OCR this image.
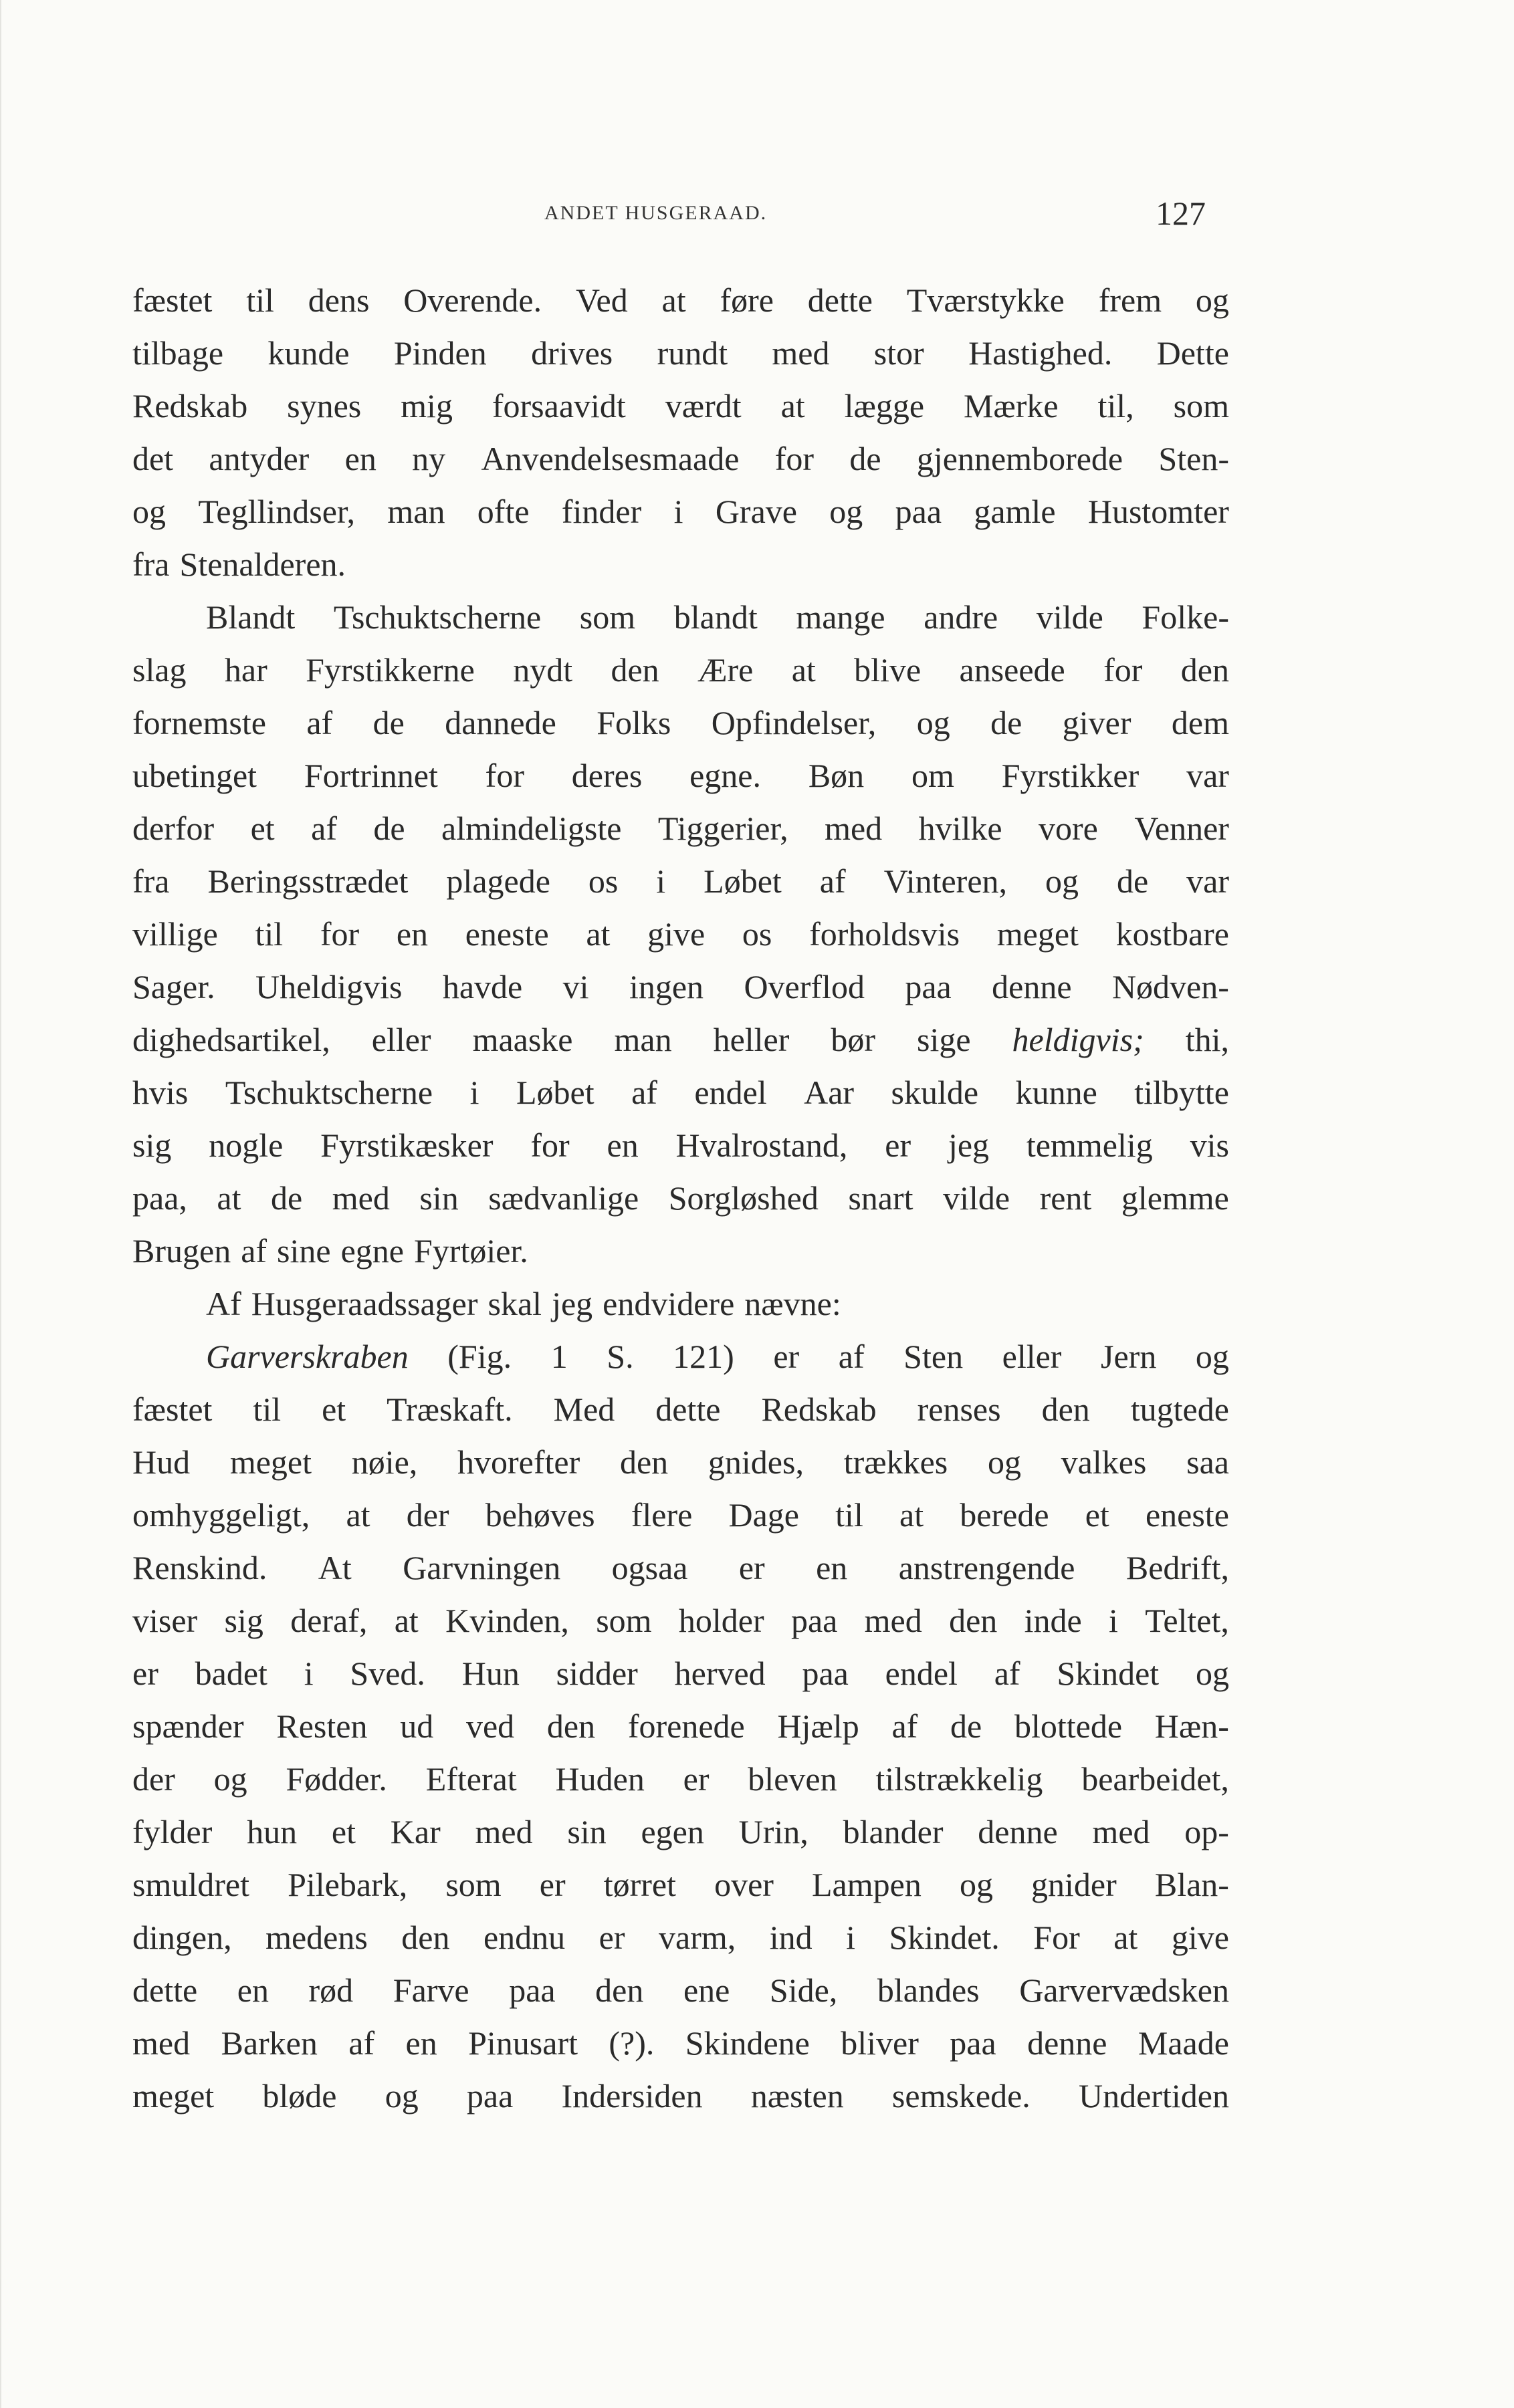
ANDET HUSGERAAD.	127
fæstet til dens Overende. Ved at føre dette Tværstykke frem og
tilbage kunde Pinden drives rundt med stor Hastighed. Dette
Redskab synes mig forsaavidt værdt at lægge Mærke til, som
det antyder en ny Anvendelsesmaade for de gjennemborede Sten-
og Tegllindser, man ofte finder i Grave og paa gamle Hustomter
fra Stenalderen.
Blandt Tschuktscherne som blandt mange andre vilde Folke-
slag har Fyrstikkerne nydt den Ære at blive anseede for den
fornemste af de dannede Folks Opfindelser, og de giver dem
ubetinget Fortrinnet for deres egne. Bøn om Fyrstikker var
derfor et af de almindeligste Tiggerier, med hvilke vore Venner
fra Beringsstrædet plagede os i Løbet af Vinteren, og de var
villige til for en eneste at give os forholdsvis meget kostbare
Sager. Uheldigvis havde vi ingen Overflod paa denne Nødven-
dighedsartikel, eller maaske man heller bør sige heldigvis; thi,
hvis Tschuktscherne i Løbet af endel Aar skulde kunne tilbytte
sig nogle Fyrstikæsker for en Hvalrostand, er jeg temmelig vis
paa, at de med sin sædvanlige Sorgløshed snart vilde rent glemme
Brugen af sine egne Fyrtøier.
Af Husgeraadssager skal jeg endvidere nævne:
Garverskraben (Fig. 1 S. 121) er af Sten eller Jern og
fæstet til et Træskaft. Med dette Redskab renses den tugtede
Hud meget nøie, hvorefter den gnides, trækkes og valkes saa
omhyggeligt, at der behøves flere Dage til at berede et eneste
Renskind. At Garvningen ogsaa er en anstrengende Bedrift,
viser sig deraf, at Kvinden, som holder paa med den inde i Teltet,
er badet i Sved. Hun sidder herved paa endel af Skindet og
spænder Resten ud ved den forenede Hjælp af de blottede Hæn-
der og Fødder. Efterat Huden er bleven tilstrækkelig bearbeidet,
fylder hun et Kar med sin egen Urin, blander denne med op-
smuldret Pilebark, som er tørret over Lampen og gnider Blan-
dingen, medens den endnu er varm, ind i Skindet. For at give
dette en rød Farve paa den ene Side, blandes Garvervædsken
med Barken af en Pinusart (?). Skindene bliver paa denne Maade
meget bløde og paa Indersiden næsten semskede. Undertiden
